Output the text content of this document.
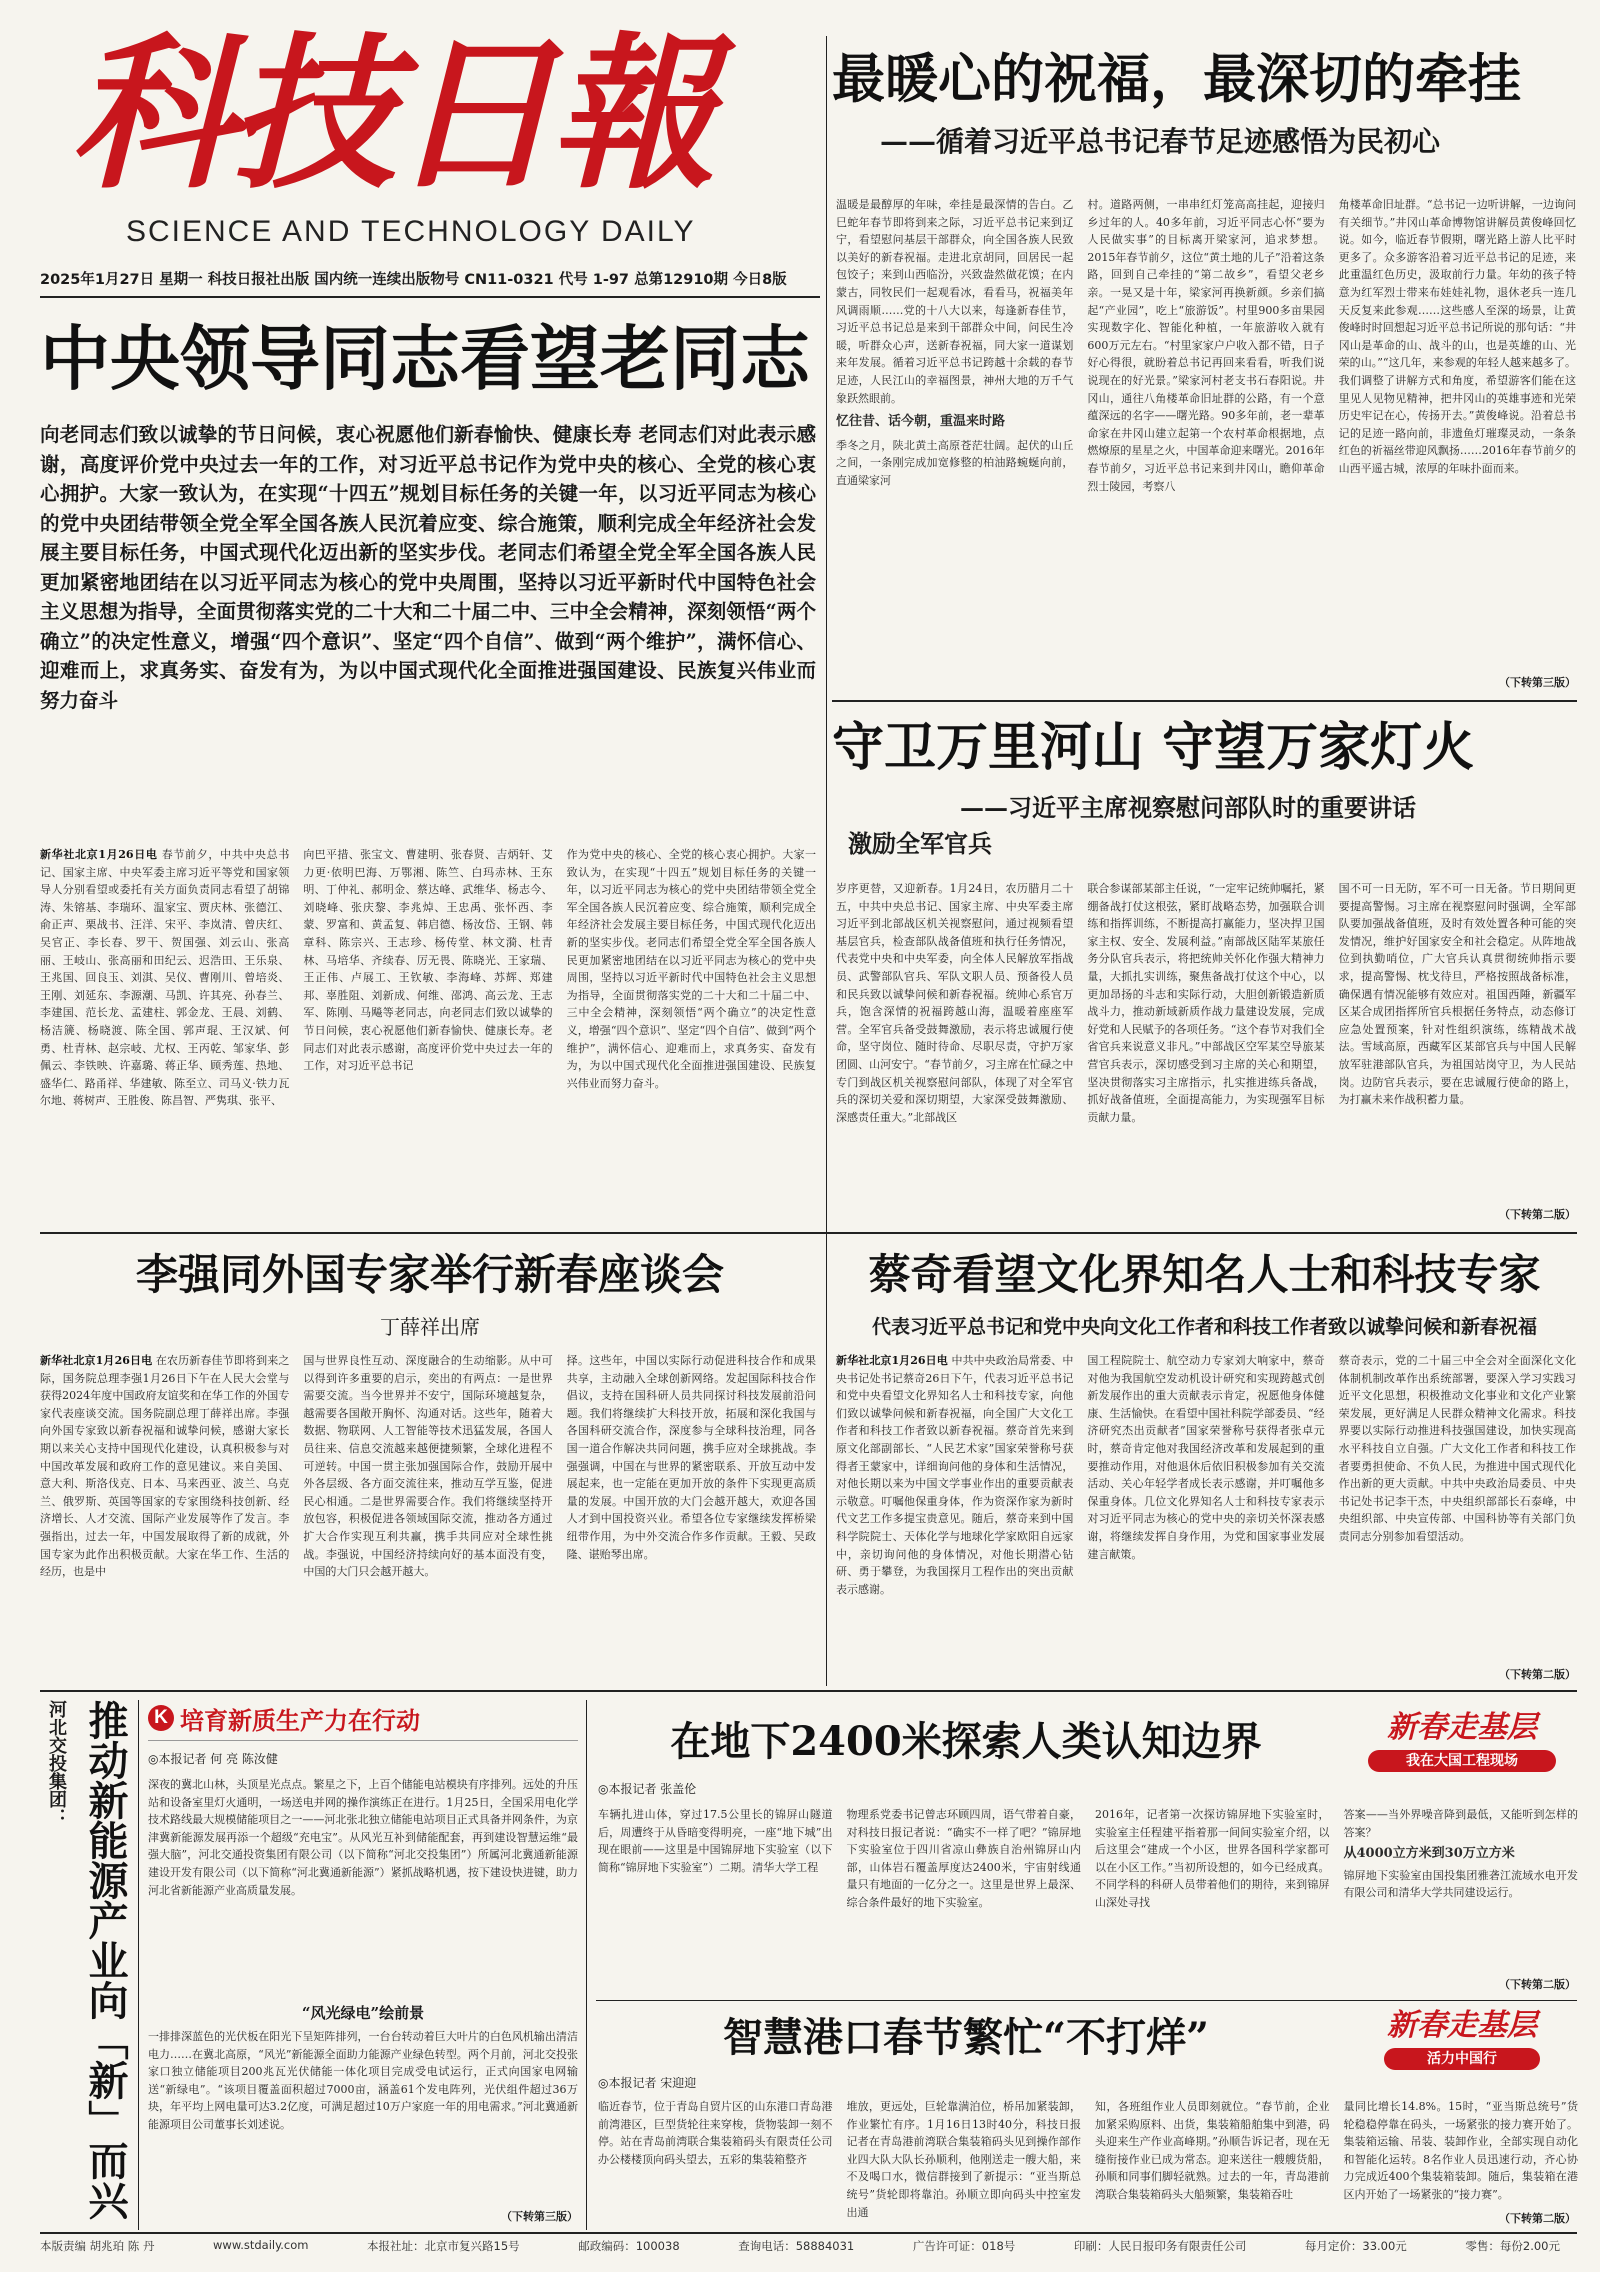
科技日報
SCIENCE AND TECHNOLOGY DAILY
2025年1月27日 星期一 科技日报社出版 国内统一连续出版物号 CN11-0321 代号 1-97 总第12910期 今日8版
最暖心的祝福，最深切的牵挂
——循着习近平总书记春节足迹感悟为民初心
温暖是最醇厚的年味，牵挂是最深情的告白。乙巳蛇年春节即将到来之际，习近平总书记来到辽宁，看望慰问基层干部群众，向全国各族人民致以美好的新春祝福。走进北京胡同，回居民一起包饺子；来到山西临汾，兴致盎然做花馍；在内蒙古，同牧民们一起观看冰，看看马，祝福美年风调雨顺……党的十八大以来，每逢新春佳节，习近平总书记总是来到干部群众中间，问民生冷暖，听群众心声，送新春祝福，同大家一道谋划来年发展。循着习近平总书记跨越十余载的春节足迹，人民江山的幸福图景，神州大地的万千气象跃然眼前。
忆往昔、话今朝，重温来时路
季冬之月，陕北黄土高原苍茫壮阔。起伏的山丘之间，一条刚完成加宽修整的柏油路蜿蜒向前，直通梁家河
村。道路两侧，一串串红灯笼高高挂起，迎接归乡过年的人。40多年前，习近平同志心怀“要为人民做实事”的目标离开梁家河，追求梦想。2015年春节前夕，这位“黄土地的儿子”沿着这条路，回到自己牵挂的“第二故乡”，看望父老乡亲。一晃又是十年，梁家河再换新颜。乡亲们搞起“产业园”，吃上“旅游饭”。村里900多亩果园实现数字化、智能化种植，一年旅游收入就有600万元左右。“村里家家户户收入都不错，日子好心得很，就盼着总书记再回来看看，听我们说说现在的好光景。”梁家河村老支书石春阳说。井冈山，通往八角楼革命旧址群的公路，有一个意蕴深远的名字——曙光路。90多年前，老一辈革命家在井冈山建立起第一个农村革命根据地，点燃燎原的星星之火，中国革命迎来曙光。2016年春节前夕，习近平总书记来到井冈山，瞻仰革命烈士陵园，考察八
角楼革命旧址群。“总书记一边听讲解，一边询问有关细节。”井冈山革命博物馆讲解员黄俊峰回忆说。如今，临近春节假期，曙光路上游人比平时更多了。众多游客沿着习近平总书记的足迹，来此重温红色历史，汲取前行力量。年幼的孩子特意为红军烈士带来布娃娃礼物，退休老兵一连几天反复来此参观……这些感人至深的场景，让黄俊峰时时回想起习近平总书记所说的那句话：“井冈山是革命的山、战斗的山，也是英雄的山、光荣的山。”“这几年，来参观的年轻人越来越多了。我们调整了讲解方式和角度，希望游客们能在这里见人见物见精神，把井冈山的英雄事迹和光荣历史牢记在心，传扬开去。”黄俊峰说。沿着总书记的足迹一路向前，非遗鱼灯璀璨灵动，一条条红色的祈福丝带迎风飘扬……2016年春节前夕的山西平遥古城，浓厚的年味扑面而来。
（下转第三版）
中央领导同志看望老同志
向老同志们致以诚挚的节日问候，衷心祝愿他们新春愉快、健康长寿 老同志们对此表示感谢，高度评价党中央过去一年的工作，对习近平总书记作为党中央的核心、全党的核心衷心拥护。大家一致认为，在实现“十四五”规划目标任务的关键一年，以习近平同志为核心的党中央团结带领全党全军全国各族人民沉着应变、综合施策，顺利完成全年经济社会发展主要目标任务，中国式现代化迈出新的坚实步伐。老同志们希望全党全军全国各族人民更加紧密地团结在以习近平同志为核心的党中央周围，坚持以习近平新时代中国特色社会主义思想为指导，全面贯彻落实党的二十大和二十届二中、三中全会精神，深刻领悟“两个确立”的决定性意义，增强“四个意识”、坚定“四个自信”、做到“两个维护”，满怀信心、迎难而上，求真务实、奋发有为，为以中国式现代化全面推进强国建设、民族复兴伟业而努力奋斗
新华社北京1月26日电 春节前夕，中共中央总书记、国家主席、中央军委主席习近平等党和国家领导人分别看望或委托有关方面负责同志看望了胡锦涛、朱镕基、李瑞环、温家宝、贾庆林、张德江、俞正声、栗战书、汪洋、宋平、李岚清、曾庆红、吴官正、李长春、罗干、贺国强、刘云山、张高丽、王岐山、张高丽和田纪云、迟浩田、王乐泉、王兆国、回良玉、刘淇、吴仪、曹刚川、曾培炎、王刚、刘延东、李源潮、马凯、许其亮、孙春兰、李建国、范长龙、孟建柱、郭金龙、王晨、刘鹤、杨洁篪、杨晓渡、陈全国、郭声琨、王汉斌、何勇、杜青林、赵宗岐、尤权、王丙乾、邹家华、彭佩云、李铁映、许嘉璐、蒋正华、顾秀莲、热地、盛华仁、路甬祥、华建敏、陈至立、司马义·铁力瓦尔地、蒋树声、王胜俊、陈昌智、严隽琪、张平、
向巴平措、张宝文、曹建明、张春贤、吉炳轩、艾力更·依明巴海、万鄂湘、陈竺、白玛赤林、王东明、丁仲礼、郝明金、蔡达峰、武维华、杨志今、刘晓峰、张庆黎、李兆焯、王忠禹、张怀西、李蒙、罗富和、黄孟复、韩启德、杨汝岱、王钢、韩章科、陈宗兴、王志珍、杨传堂、林文漪、杜青林、马培华、齐续春、厉无畏、陈晓光、王家瑞、王正伟、卢展工、王钦敏、李海峰、苏辉、郑建邦、辜胜阻、刘新成、何维、邵鸿、高云龙、王志军、陈刚、马飚等老同志，向老同志们致以诚挚的节日问候，衷心祝愿他们新春愉快、健康长寿。老同志们对此表示感谢，高度评价党中央过去一年的工作，对习近平总书记
作为党中央的核心、全党的核心衷心拥护。大家一致认为，在实现“十四五”规划目标任务的关键一年，以习近平同志为核心的党中央团结带领全党全军全国各族人民沉着应变、综合施策，顺利完成全年经济社会发展主要目标任务，中国式现代化迈出新的坚实步伐。老同志们希望全党全军全国各族人民更加紧密地团结在以习近平同志为核心的党中央周围，坚持以习近平新时代中国特色社会主义思想为指导，全面贯彻落实党的二十大和二十届二中、三中全会精神，深刻领悟“两个确立”的决定性意义，增强“四个意识”、坚定“四个自信”、做到“两个维护”，满怀信心、迎难而上，求真务实、奋发有为，为以中国式现代化全面推进强国建设、民族复兴伟业而努力奋斗。
守卫万里河山 守望万家灯火
——习近平主席视察慰问部队时的重要讲话
激励全军官兵
岁序更替，又迎新春。1月24日，农历腊月二十五，中共中央总书记、国家主席、中央军委主席习近平到北部战区机关视察慰问，通过视频看望基层官兵，检查部队战备值班和执行任务情况，代表党中央和中央军委，向全体人民解放军指战员、武警部队官兵、军队文职人员、预备役人员和民兵致以诚挚问候和新春祝福。统帅心系官万兵，饱含深情的祝福跨越山海，温暖着座座军营。全军官兵备受鼓舞激励，表示将忠诚履行使命，坚守岗位、随时待命、尽职尽责，守护万家团圆、山河安宁。“春节前夕，习主席在忙碌之中专门到战区机关视察慰问部队，体现了对全军官兵的深切关爱和深切期望，大家深受鼓舞激励、深感责任重大。”北部战区
联合参谋部某部主任说，“一定牢记统帅嘱托，紧绷备战打仗这根弦，紧盯战略态势，加强联合训练和指挥训练，不断提高打赢能力，坚决捍卫国家主权、安全、发展利益。”南部战区陆军某旅任务分队官兵表示，将把统帅关怀化作强大精神力量，大抓扎实训练，聚焦备战打仗这个中心，以更加昂扬的斗志和实际行动，大胆创新锻造新质战斗力，推动新域新质作战力量建设发展，完成好党和人民赋予的各项任务。“这个春节对我们全省官兵来说意义非凡。”中部战区空军某空导旅某营官兵表示，深切感受到习主席的关心和期望，坚决贯彻落实习主席指示，扎实推进练兵备战，抓好战备值班，全面提高能力，为实现强军目标贡献力量。
国不可一日无防，军不可一日无备。节日期间更要提高警惕。习主席在视察慰问时强调，全军部队要加强战备值班，及时有效处置各种可能的突发情况，维护好国家安全和社会稳定。从阵地战位到执勤哨位，广大官兵认真贯彻统帅指示要求，提高警惕、枕戈待旦，严格按照战备标准，确保遇有情况能够有效应对。祖国西陲，新疆军区某合成团指挥所官兵根据任务特点，动态修订应急处置预案，针对性组织演练，练精战术战法。雪域高原，西藏军区某部官兵与中国人民解放军驻港部队官兵，为祖国站岗守卫，为人民站岗。边防官兵表示，要在忠诚履行使命的路上，为打赢未来作战积蓄力量。
（下转第二版）
李强同外国专家举行新春座谈会
丁薛祥出席
新华社北京1月26日电 在农历新春佳节即将到来之际，国务院总理李强1月26日下午在人民大会堂与获得2024年度中国政府友谊奖和在华工作的外国专家代表座谈交流。国务院副总理丁薛祥出席。李强向外国专家致以新春祝福和诚挚问候，感谢大家长期以来关心支持中国现代化建设，认真积极参与对中国改革发展和政府工作的意见建议。来自美国、意大利、斯洛伐克、日本、马来西亚、波兰、乌克兰、俄罗斯、英国等国家的专家围绕科技创新、经济增长、人才交流、国际产业发展等作了发言。李强指出，过去一年，中国发展取得了新的成就，外国专家为此作出积极贡献。大家在华工作、生活的经历，也是中
国与世界良性互动、深度融合的生动缩影。从中可以得到许多重要的启示，奕出的有两点：一是世界需要交流。当今世界并不安宁，国际环境越复杂，越需要各国敞开胸怀、沟通对话。这些年，随着大数据、物联网、人工智能等技术迅猛发展，各国人员往来、信息交流越来越便捷频繁，全球化进程不可逆转。中国一贯主张加强国际合作，鼓励开展中外各层级、各方面交流往来，推动互学互鉴，促进民心相通。二是世界需要合作。我们将继续坚持开放包容，积极促进各领域国际交流，推动各方通过扩大合作实现互利共赢，携手共同应对全球性挑战。李强说，中国经济持续向好的基本面没有变，中国的大门只会越开越大。
择。这些年，中国以实际行动促进科技合作和成果共享，主动融入全球创新网络。发起国际科技合作倡议，支持在国科研人员共同探讨科技发展前沿问题。我们将继续扩大科技开放，拓展和深化我国与各国科研交流合作，深度参与全球科技治理，同各国一道合作解决共同问题，携手应对全球挑战。李强强调，中国在与世界的紧密联系、开放互动中发展起来，也一定能在更加开放的条件下实现更高质量的发展。中国开放的大门会越开越大，欢迎各国人才到中国投资兴业。希望各位专家继续发挥桥梁纽带作用，为中外交流合作多作贡献。王毅、吴政隆、谌贻琴出席。
蔡奇看望文化界知名人士和科技专家
代表习近平总书记和党中央向文化工作者和科技工作者致以诚挚问候和新春祝福
新华社北京1月26日电 中共中央政治局常委、中央书记处书记蔡奇26日下午，代表习近平总书记和党中央看望文化界知名人士和科技专家，向他们致以诚挚问候和新春祝福，向全国广大文化工作者和科技工作者致以新春祝福。蔡奇首先来到原文化部副部长、“人民艺术家”国家荣誉称号获得者王蒙家中，详细询问他的身体和生活情况，对他长期以来为中国文学事业作出的重要贡献表示敬意。叮嘱他保重身体，作为资深作家为新时代文艺工作多提宝贵意见。随后，蔡奇来到中国科学院院士、天体化学与地球化学家欧阳自远家中，亲切询问他的身体情况，对他长期潜心钻研、勇于攀登，为我国探月工程作出的突出贡献表示感谢。
国工程院院士、航空动力专家刘大响家中，蔡奇对他为我国航空发动机设计研究和实现跨越式创新发展作出的重大贡献表示肯定，祝愿他身体健康、生活愉快。在看望中国社科院学部委员、“经济研究杰出贡献者”国家荣誉称号获得者张卓元时，蔡奇肯定他对我国经济改革和发展起到的重要推动作用，对他退休后依旧积极参加有关交流活动、关心年轻学者成长表示感谢，并叮嘱他多保重身体。几位文化界知名人士和科技专家表示对习近平同志为核心的党中央的亲切关怀深表感谢，将继续发挥自身作用，为党和国家事业发展建言献策。
蔡奇表示，党的二十届三中全会对全面深化文化体制机制改革作出系统部署，要深入学习实践习近平文化思想，积极推动文化事业和文化产业繁荣发展，更好满足人民群众精神文化需求。科技界要以实际行动推进科技强国建设，加快实现高水平科技自立自强。广大文化工作者和科技工作者要勇担使命、不负人民，为推进中国式现代化作出新的更大贡献。中共中央政治局委员、中央书记处书记李干杰，中央组织部部长石泰峰，中央组织部、中央宣传部、中国科协等有关部门负责同志分别参加看望活动。
（下转第二版）
河北交投集团： 推动新能源产业向「新」而兴	K 培育新质生产力在行动
◎本报记者 何 亮 陈汝健
深夜的冀北山林，头顶星光点点。繁星之下，上百个储能电站模块有序排列。远处的升压站和设备室里灯火通明，一场送电并网的操作演练正在进行。1月25日，全国采用电化学技术路线最大规模储能项目之一——河北张北独立储能电站项目正式具备并网条件，为京津冀新能源发展再添一个超级“充电宝”。从风光互补到储能配套，再到建设智慧运维“最强大脑”，河北交通投资集团有限公司（以下简称“河北交投集团”）所属河北冀通新能源建设开发有限公司（以下简称“河北冀通新能源”）紧抓战略机遇，按下建设快进键，助力河北省新能源产业高质量发展。
“风光绿电”绘前景
一排排深蓝色的光伏板在阳光下呈矩阵排列，一台台转动着巨大叶片的白色风机输出清洁电力……在冀北高原，“风光”新能源全面助力能源产业绿色转型。两个月前，河北交投张家口独立储能项目200兆瓦光伏储能一体化项目完成受电试运行，正式向国家电网输送“新绿电”。“该项目覆盖面积超过7000亩，涵盖61个发电阵列，光伏组件超过36万块，年平均上网电量可达3.2亿度，可满足超过10万户家庭一年的用电需求。”河北冀通新能源项目公司董事长刘述说。
（下转第三版）
在地下2400米探索人类认知边界
◎本报记者 张盖伦
车辆扎进山体，穿过17.5公里长的锦屏山隧道后，周遭终于从昏暗变得明亮，一座“地下城”出现在眼前——这里是中国锦屏地下实验室（以下简称“锦屏地下实验室”）二期。清华大学工程
物理系党委书记曾志环顾四周，语气带着自豪，对科技日报记者说：“确实不一样了吧？”锦屏地下实验室位于四川省凉山彝族自治州锦屏山内部，山体岩石覆盖厚度达2400米，宇宙射线通量只有地面的一亿分之一。这里是世界上最深、综合条件最好的地下实验室。
2016年，记者第一次探访锦屏地下实验室时，实验室主任程建平指着那一间间实验室介绍，以后这里会“建成一个小区，世界各国科学家都可以在小区工作。”当初所设想的，如今已经成真。不同学科的科研人员带着他们的期待，来到锦屏山深处寻找
答案——当外界噪音降到最低，又能听到怎样的答案？
从4000立方米到30万立方米
锦屏地下实验室由国投集团雅砻江流域水电开发有限公司和清华大学共同建设运行。
（下转第二版）
新春走基层
我在大国工程现场
智慧港口春节繁忙“不打烊”
◎本报记者 宋迎迎
临近春节，位于青岛自贸片区的山东港口青岛港前湾港区，巨型货轮往来穿梭，货物装卸一刻不停。站在青岛前湾联合集装箱码头有限责任公司办公楼楼顶向码头望去，五彩的集装箱整齐
堆放，更远处，巨轮靠满泊位，桥吊加紧装卸，作业繁忙有序。1月16日13时40分，科技日报记者在青岛港前湾联合集装箱码头见到操作部作业四大队大队长孙顺利，他刚送走一艘大船，来不及喝口水，微信群接到了新提示：“亚当斯总统号”货轮即将靠泊。孙顺立即向码头中控室发出通
知，各班组作业人员即刻就位。“春节前，企业加紧采购原料、出货，集装箱船舶集中到港，码头迎来生产作业高峰期。”孙顺告诉记者，现在无缝衔接作业已成为常态。迎来送往一艘艘货船，孙顺和同事们脚轻就熟。过去的一年，青岛港前湾联合集装箱码头大船频繁，集装箱吞吐
量同比增长14.8%。15时，“亚当斯总统号”货轮稳稳停靠在码头，一场紧张的接力赛开始了。集装箱运输、吊装、装卸作业，全部实现自动化和智能化运转。8名作业人员迅速行动，齐心协力完成近400个集装箱装卸。随后，集装箱在港区内开始了一场紧张的“接力赛”。
（下转第二版）
新春走基层
活力中国行
本版责编 胡兆珀 陈 丹	www.stdaily.com	本报社址：北京市复兴路15号	邮政编码：100038	查询电话：58884031	广告许可证：018号	印刷：人民日报印务有限责任公司	每月定价：33.00元	零售：每份2.00元
